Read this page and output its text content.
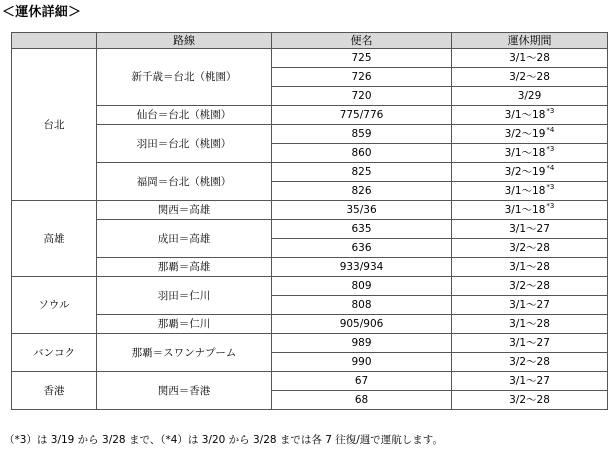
＜運休詳細＞
	路線	便名	運休期間
台北	新千歳＝台北（桃園）	725	3/1～28
		726	3/2～28
		720	3/29
	仙台＝台北（桃園）	775/776	3/1～18$^{*3}$
	羽田＝台北（桃園）	859	3/2～19$^{*4}$
		860	3/1～18$^{*3}$
	福岡＝台北（桃園）	825	3/2～19$^{*4}$
		826	3/1～18$^{*3}$
高雄	関西＝高雄	35/36	3/1～18$^{*3}$
	成田＝高雄	635	3/1～27
		636	3/2～28
	那覇＝高雄	933/934	3/1～28
ソウル	羽田＝仁川	809	3/2～28
		808	3/1～27
	那覇＝仁川	905/906	3/1～28
バンコク	那覇＝スワンナプーム	989	3/1～27
		990	3/2～28
香港	関西＝香港	67	3/1～27
		68	3/2～28
（*3）は 3/19 から 3/28 まで、（*4）は 3/20 から 3/28 までは各 7 往復/週で運航します。
